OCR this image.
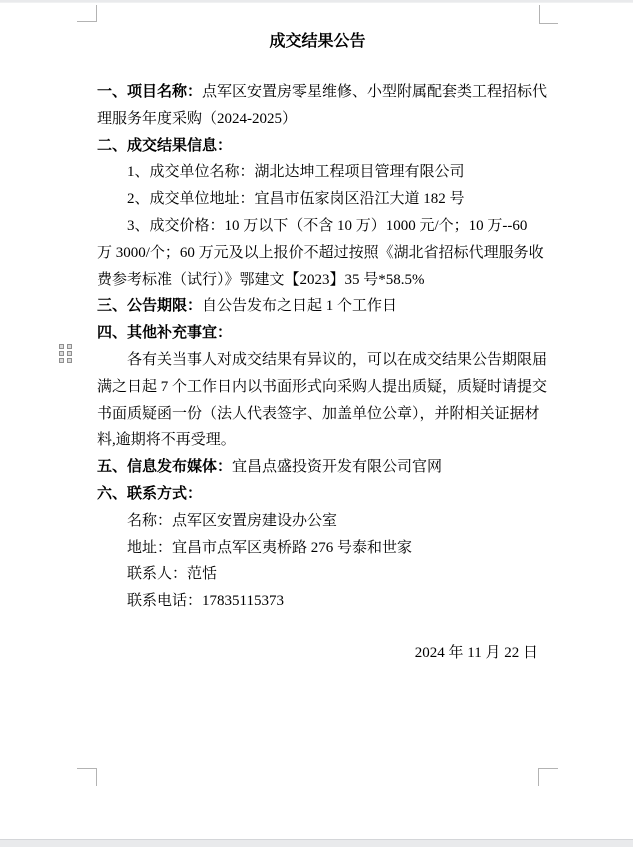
成交结果公告
一、项目名称：点军区安置房零星维修、小型附属配套类工程招标代
理服务年度采购（2024-2025）
二、成交结果信息：
1、成交单位名称：湖北达坤工程项目管理有限公司
2、成交单位地址：宜昌市伍家岗区沿江大道 182 号
3、成交价格：10 万以下（不含 10 万）1000 元/个；10 万--60
万 3000/个；60 万元及以上报价不超过按照《湖北省招标代理服务收
费参考标准（试行）》鄂建文【2023】35 号*58.5%
三、公告期限：自公告发布之日起 1 个工作日
四、其他补充事宜：
各有关当事人对成交结果有异议的，可以在成交结果公告期限届
满之日起 7 个工作日内以书面形式向采购人提出质疑，质疑时请提交
书面质疑函一份（法人代表签字、加盖单位公章），并附相关证据材
料,逾期将不再受理。
五、信息发布媒体：宜昌点盛投资开发有限公司官网
六、联系方式：
名称：点军区安置房建设办公室
地址：宜昌市点军区夷桥路 276 号泰和世家
联系人：范恬
联系电话：17835115373
2024 年 11 月 22 日
